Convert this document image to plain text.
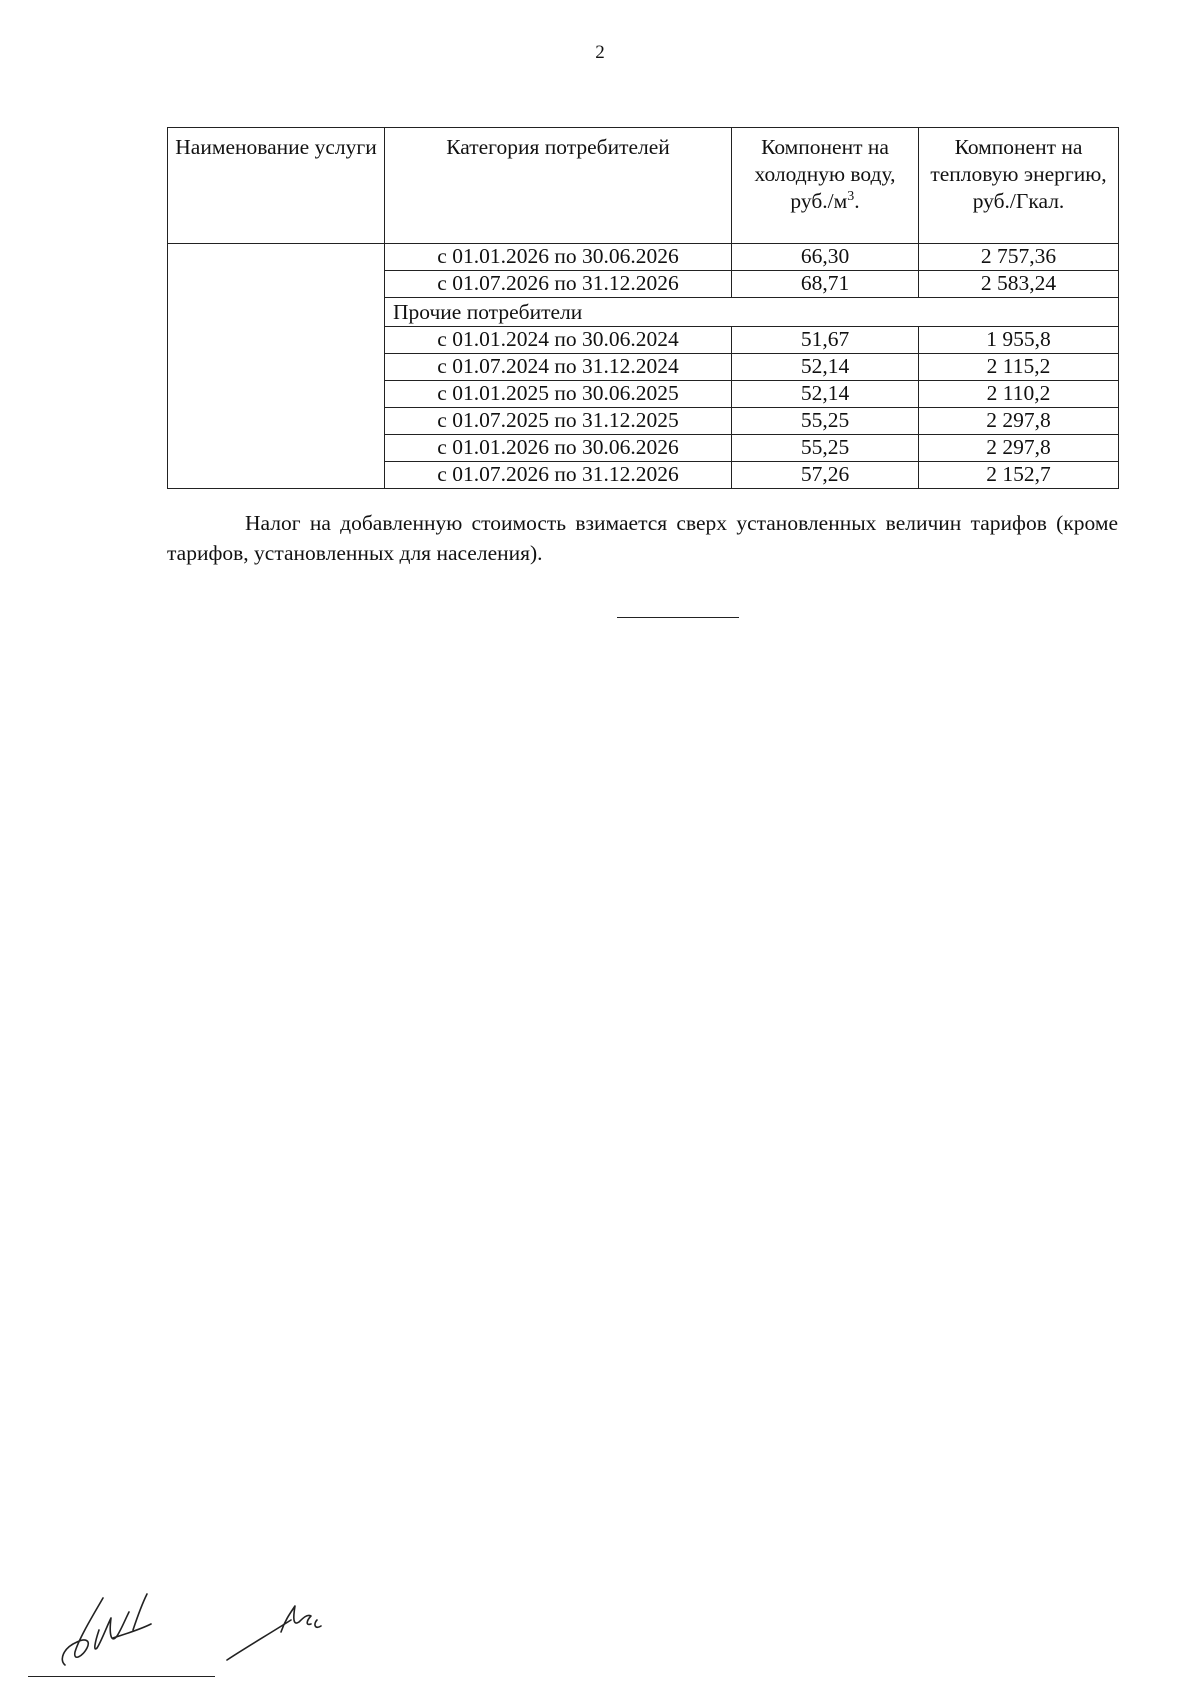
2
Наименование услуги	Категория потребителей	Компонент на холодную воду, $руб./м^3$.	Компонент на тепловую энергию, руб./Гкал.
	с 01.01.2026 по 30.06.2026	66,30	2 757,36
	с 01.07.2026 по 31.12.2026	68,71	2 583,24
	Прочие потребители		
	с 01.01.2024 по 30.06.2024	51,67	1 955,8
	с 01.07.2024 по 31.12.2024	52,14	2 115,2
	с 01.01.2025 по 30.06.2025	52,14	2 110,2
	с 01.07.2025 по 31.12.2025	55,25	2 297,8
	с 01.01.2026 по 30.06.2026	55,25	2 297,8
	с 01.07.2026 по 31.12.2026	57,26	2 152,7

Налог на добавленную стоимость взимается сверх установленных величин тарифов (кроме тарифов, установленных для населения).
